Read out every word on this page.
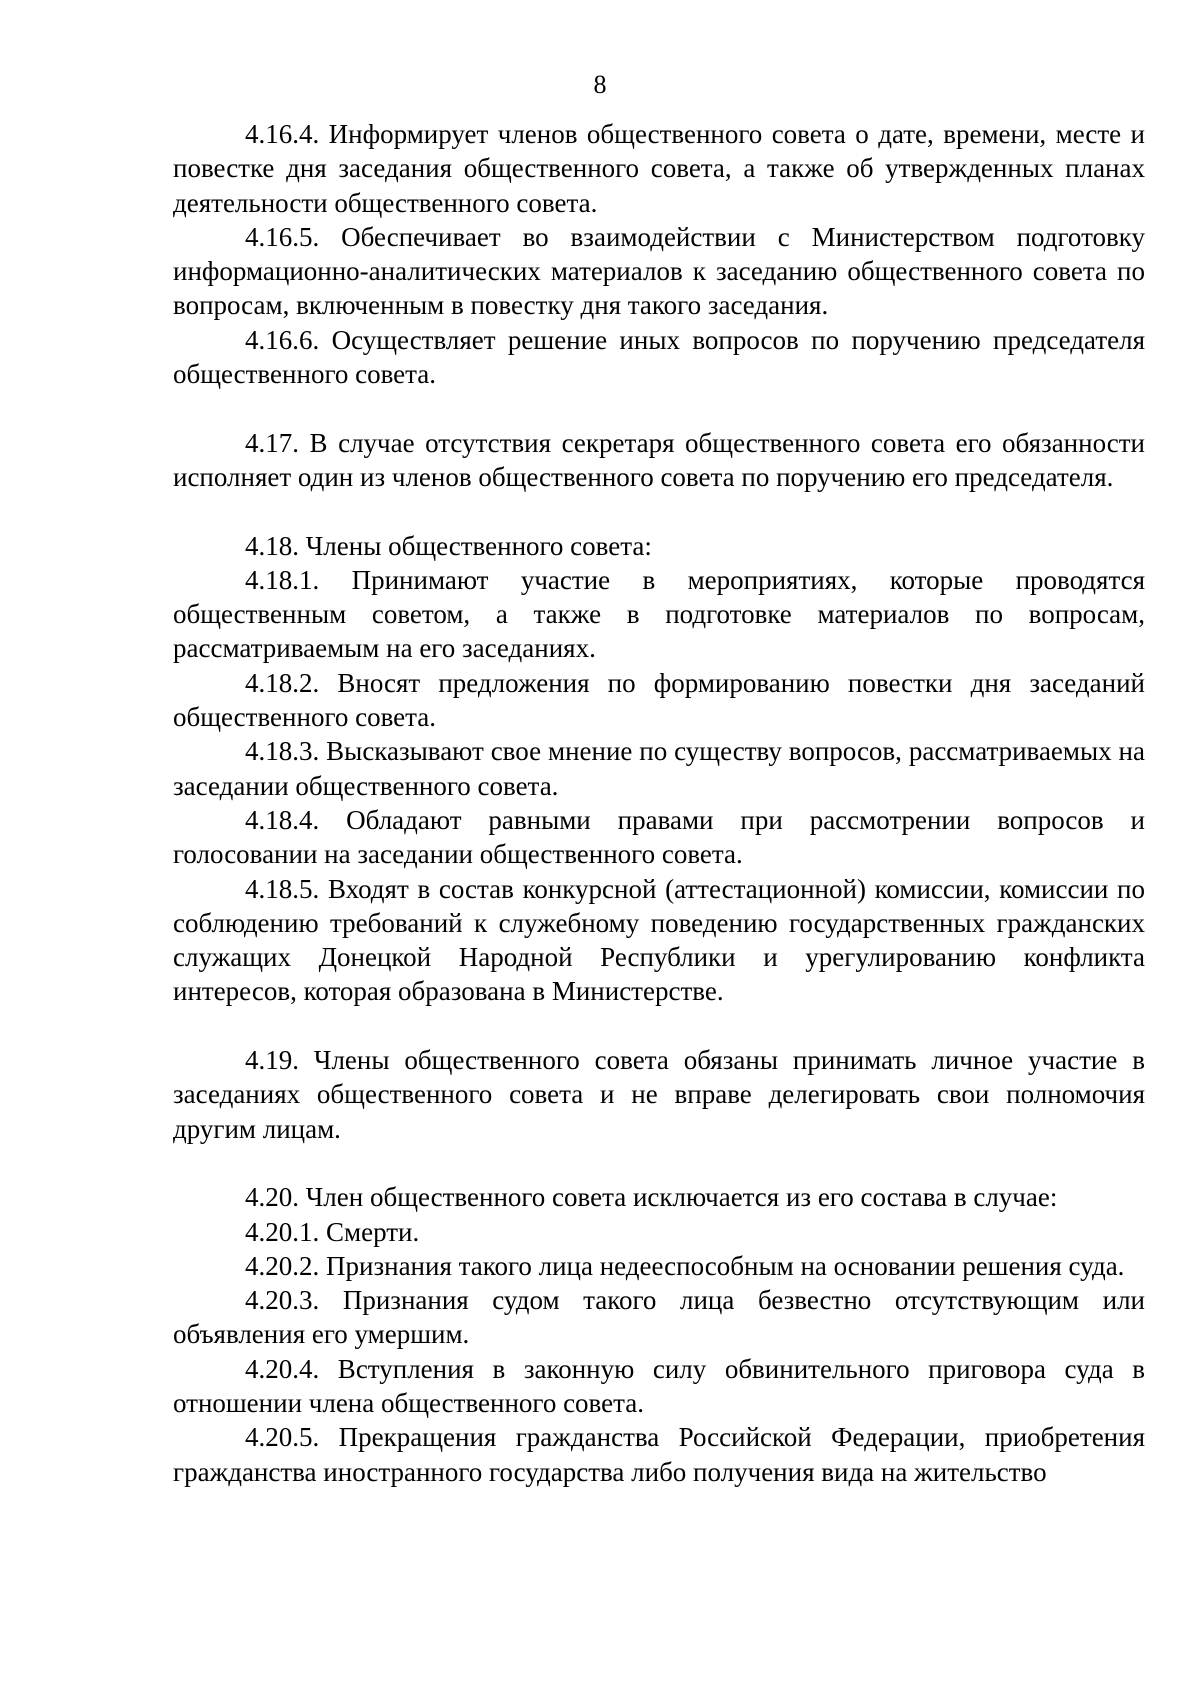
8

4.16.4. Информирует членов общественного совета о дате, времени, месте и повестке дня заседания общественного совета, а также об утвержденных планах деятельности общественного совета.

4.16.5. Обеспечивает во взаимодействии с Министерством подготовку информационно-аналитических материалов к заседанию общественного совета по вопросам, включенным в повестку дня такого заседания.

4.16.6. Осуществляет решение иных вопросов по поручению председателя общественного совета.

4.17. В случае отсутствия секретаря общественного совета его обязанности исполняет один из членов общественного совета по поручению его председателя.

4.18. Члены общественного совета:

4.18.1. Принимают участие в мероприятиях, которые проводятся общественным советом, а также в подготовке материалов по вопросам, рассматриваемым на его заседаниях.

4.18.2. Вносят предложения по формированию повестки дня заседаний общественного совета.

4.18.3. Высказывают свое мнение по существу вопросов, рассматриваемых на заседании общественного совета.

4.18.4. Обладают равными правами при рассмотрении вопросов и голосовании на заседании общественного совета.

4.18.5. Входят в состав конкурсной (аттестационной) комиссии, комиссии по соблюдению требований к служебному поведению государственных гражданских служащих Донецкой Народной Республики и урегулированию конфликта интересов, которая образована в Министерстве.

4.19. Члены общественного совета обязаны принимать личное участие в заседаниях общественного совета и не вправе делегировать свои полномочия другим лицам.

4.20. Член общественного совета исключается из его состава в случае:

4.20.1. Смерти.

4.20.2. Признания такого лица недееспособным на основании решения суда.

4.20.3. Признания судом такого лица безвестно отсутствующим или объявления его умершим.

4.20.4. Вступления в законную силу обвинительного приговора суда в отношении члена общественного совета.

4.20.5. Прекращения гражданства Российской Федерации, приобретения гражданства иностранного государства либо получения вида на жительство
